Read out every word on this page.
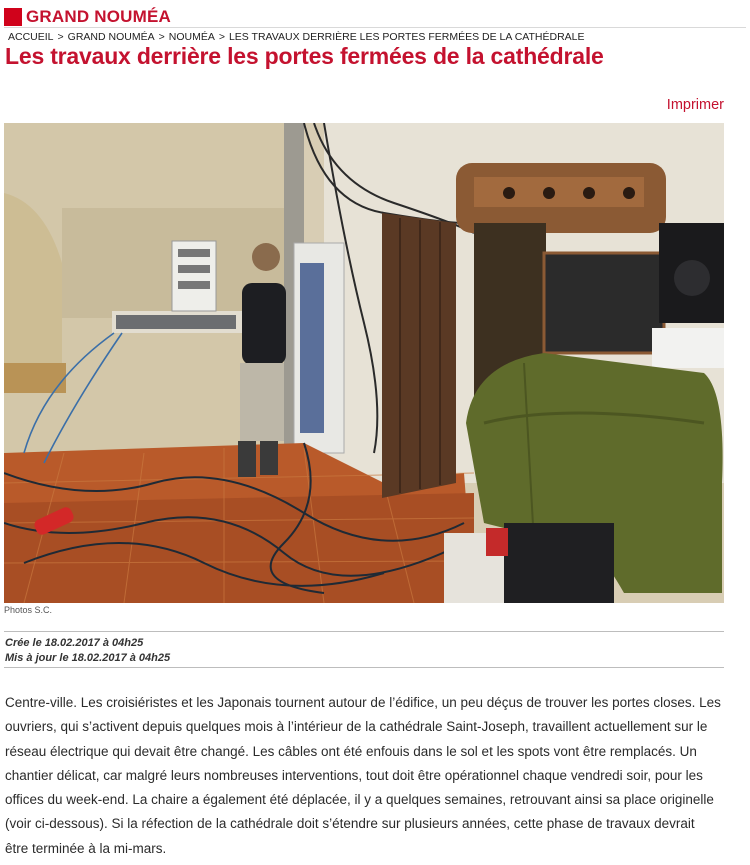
GRAND NOUMÉA
ACCUEIL > GRAND NOUMÉA > NOUMÉA > LES TRAVAUX DERRIÈRE LES PORTES FERMÉES DE LA CATHÉDRALE
Les travaux derrière les portes fermées de la cathédrale
Imprimer
Photos S.C.
Crée le 18.02.2017 à 04h25
Mis à jour le 18.02.2017 à 04h25

Centre-ville. Les croisiéristes et les Japonais tournent autour de l’édifice, un peu déçus de trouver les portes closes. Les ouvriers, qui s’activent depuis quelques mois à l’intérieur de la cathédrale Saint-Joseph, travaillent actuellement sur le réseau électrique qui devait être changé. Les câbles ont été enfouis dans le sol et les spots vont être remplacés. Un chantier délicat, car malgré leurs nombreuses interventions, tout doit être opérationnel chaque vendredi soir, pour les offices du week-end. La chaire a également été déplacée, il y a quelques semaines, retrouvant ainsi sa place originelle (voir ci-dessous). Si la réfection de la cathédrale doit s’étendre sur plusieurs années, cette phase de travaux devrait être terminée à la mi-mars.
